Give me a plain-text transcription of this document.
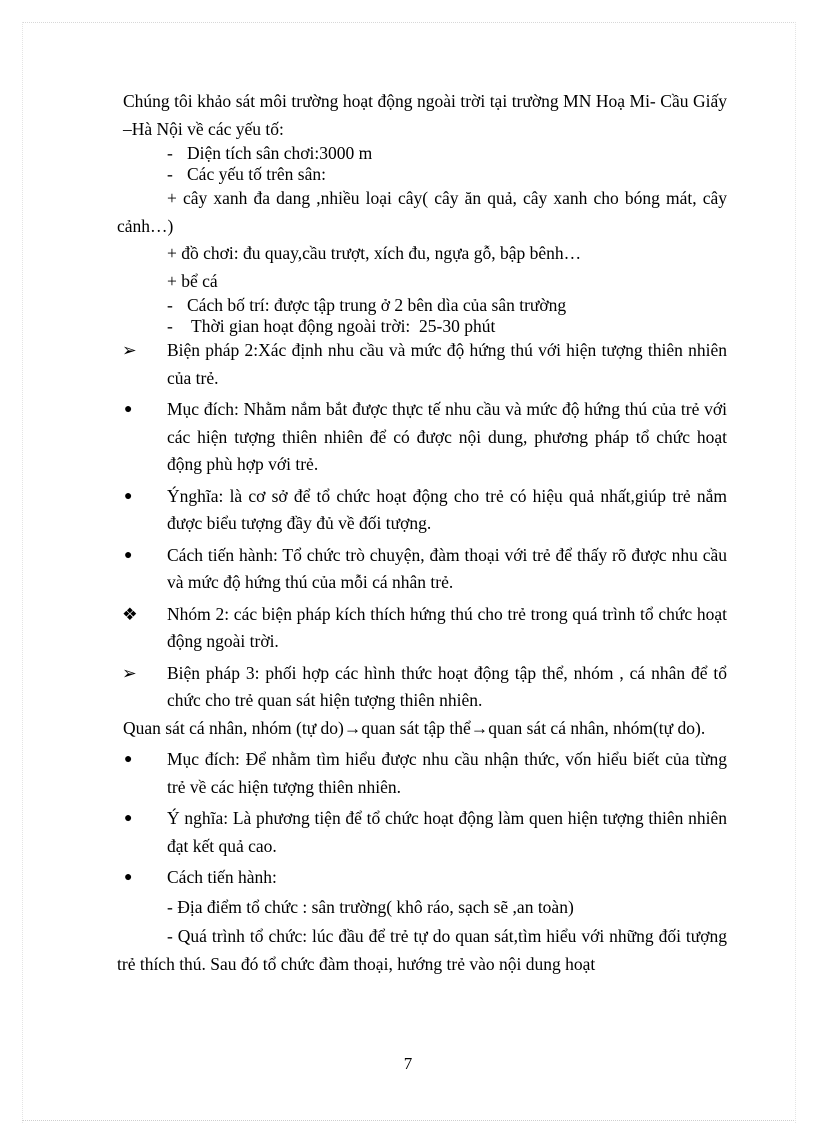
Chúng tôi khảo sát môi trường hoạt động ngoài trời tại trường MN Hoạ Mi- Cầu Giấy –Hà Nội về các yếu tố:

- Diện tích sân chơi:3000 m
- Các yếu tố trên sân:

+ cây xanh đa dang ,nhiều loại cây( cây ăn quả, cây xanh cho bóng mát, cây cảnh…)

+ đồ chơi: đu quay,cầu trượt, xích đu, ngựa gỗ, bập bênh…

+ bể cá

- Cách bố trí: được tập trung ở 2 bên dìa của sân trường
- Thời gian hoạt động ngoài trời:  25-30 phút
➢	Biện pháp 2:Xác định nhu cầu và mức độ hứng thú với hiện tượng thiên nhiên của trẻ.

●	Mục đích: Nhằm nắm bắt được thực tế nhu cầu và mức độ hứng thú của trẻ với các hiện tượng thiên nhiên để có được nội dung, phương pháp tổ chức hoạt động phù hợp với trẻ.

●	Ýnghĩa: là cơ sở để tổ chức hoạt động cho trẻ có hiệu quả nhất,giúp trẻ nắm được biểu tượng đầy đủ về đối tượng.

●	Cách tiến hành: Tổ chức trò chuyện, đàm thoại với trẻ để thấy rõ được nhu cầu và mức độ hứng thú của mỗi cá nhân trẻ.

❖	Nhóm 2: các biện pháp kích thích hứng thú cho trẻ trong quá trình tổ chức hoạt động ngoài trời.

➢	Biện pháp 3: phối hợp các hình thức hoạt động tập thể, nhóm , cá nhân để tổ chức cho trẻ quan sát hiện tượng thiên nhiên.

Quan sát cá nhân, nhóm (tự do)→quan sát tập thể→quan sát cá nhân, nhóm(tự do).

●	Mục đích: Để nhằm tìm hiểu được nhu cầu nhận thức, vốn hiểu biết của từng trẻ về các hiện tượng thiên nhiên.

●	Ý nghĩa: Là phương tiện để tổ chức hoạt động làm quen hiện tượng thiên nhiên đạt kết quả cao.

●	Cách tiến hành:

- Địa điểm tổ chức : sân trường( khô ráo, sạch sẽ ,an toàn)

- Quá trình tổ chức: lúc đầu để trẻ tự do quan sát,tìm hiểu với những đối tượng trẻ thích thú. Sau đó tổ chức đàm thoại, hướng trẻ vào nội dung hoạt

7
